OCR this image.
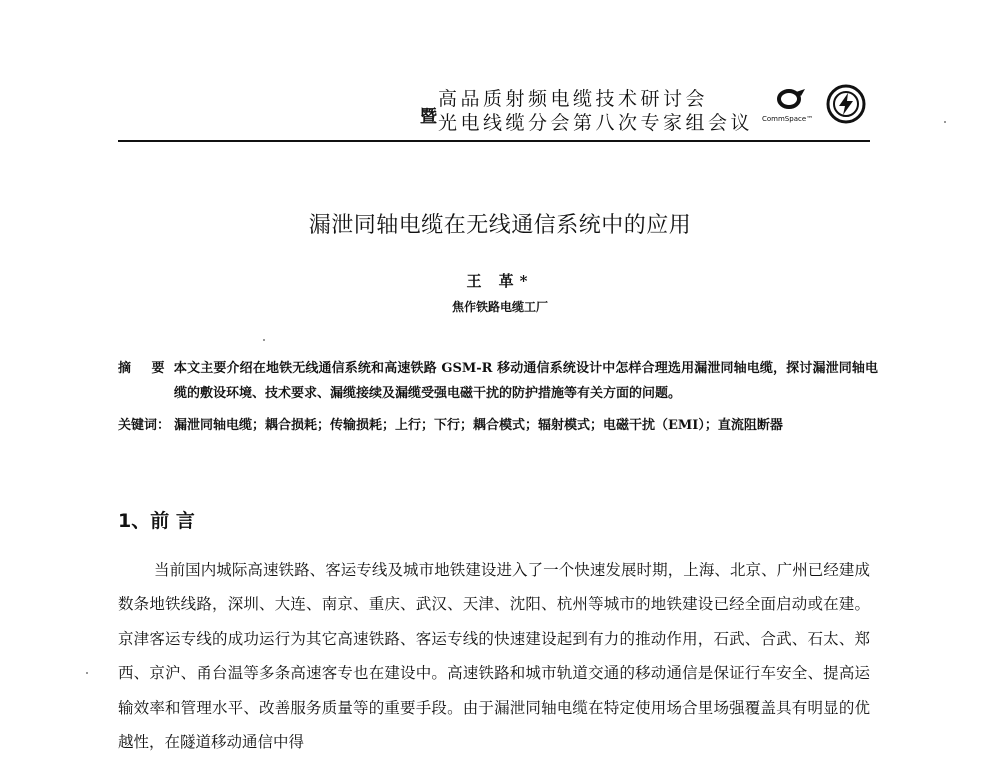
暨
高品质射频电缆技术研讨会
光电线缆分会第八次专家组会议 CommSpace™
漏泄同轴电缆在无线通信系统中的应用
王 革*
焦作铁路电缆工厂
摘 要：
本文主要介绍在地铁无线通信系统和高速铁路 GSM-R 移动通信系统设计中怎样合理选用漏泄同轴电缆，探讨漏泄同轴电缆的敷设环境、技术要求、漏缆接续及漏缆受强电磁干扰的防护措施等有关方面的问题。
关键词： 漏泄同轴电缆；耦合损耗；传输损耗；上行；下行；耦合模式；辐射模式；电磁干扰（EMI）；直流阻断器
1、前 言
当前国内城际高速铁路、客运专线及城市地铁建设进入了一个快速发展时期，上海、北京、广州已经建成数条地铁线路，深圳、大连、南京、重庆、武汉、天津、沈阳、杭州等城市的地铁建设已经全面启动或在建。京津客运专线的成功运行为其它高速铁路、客运专线的快速建设起到有力的推动作用，石武、合武、石太、郑西、京沪、甬台温等多条高速客专也在建设中。高速铁路和城市轨道交通的移动通信是保证行车安全、提高运输效率和管理水平、改善服务质量等的重要手段。由于漏泄同轴电缆在特定使用场合里场强覆盖具有明显的优越性，在隧道移动通信中得
